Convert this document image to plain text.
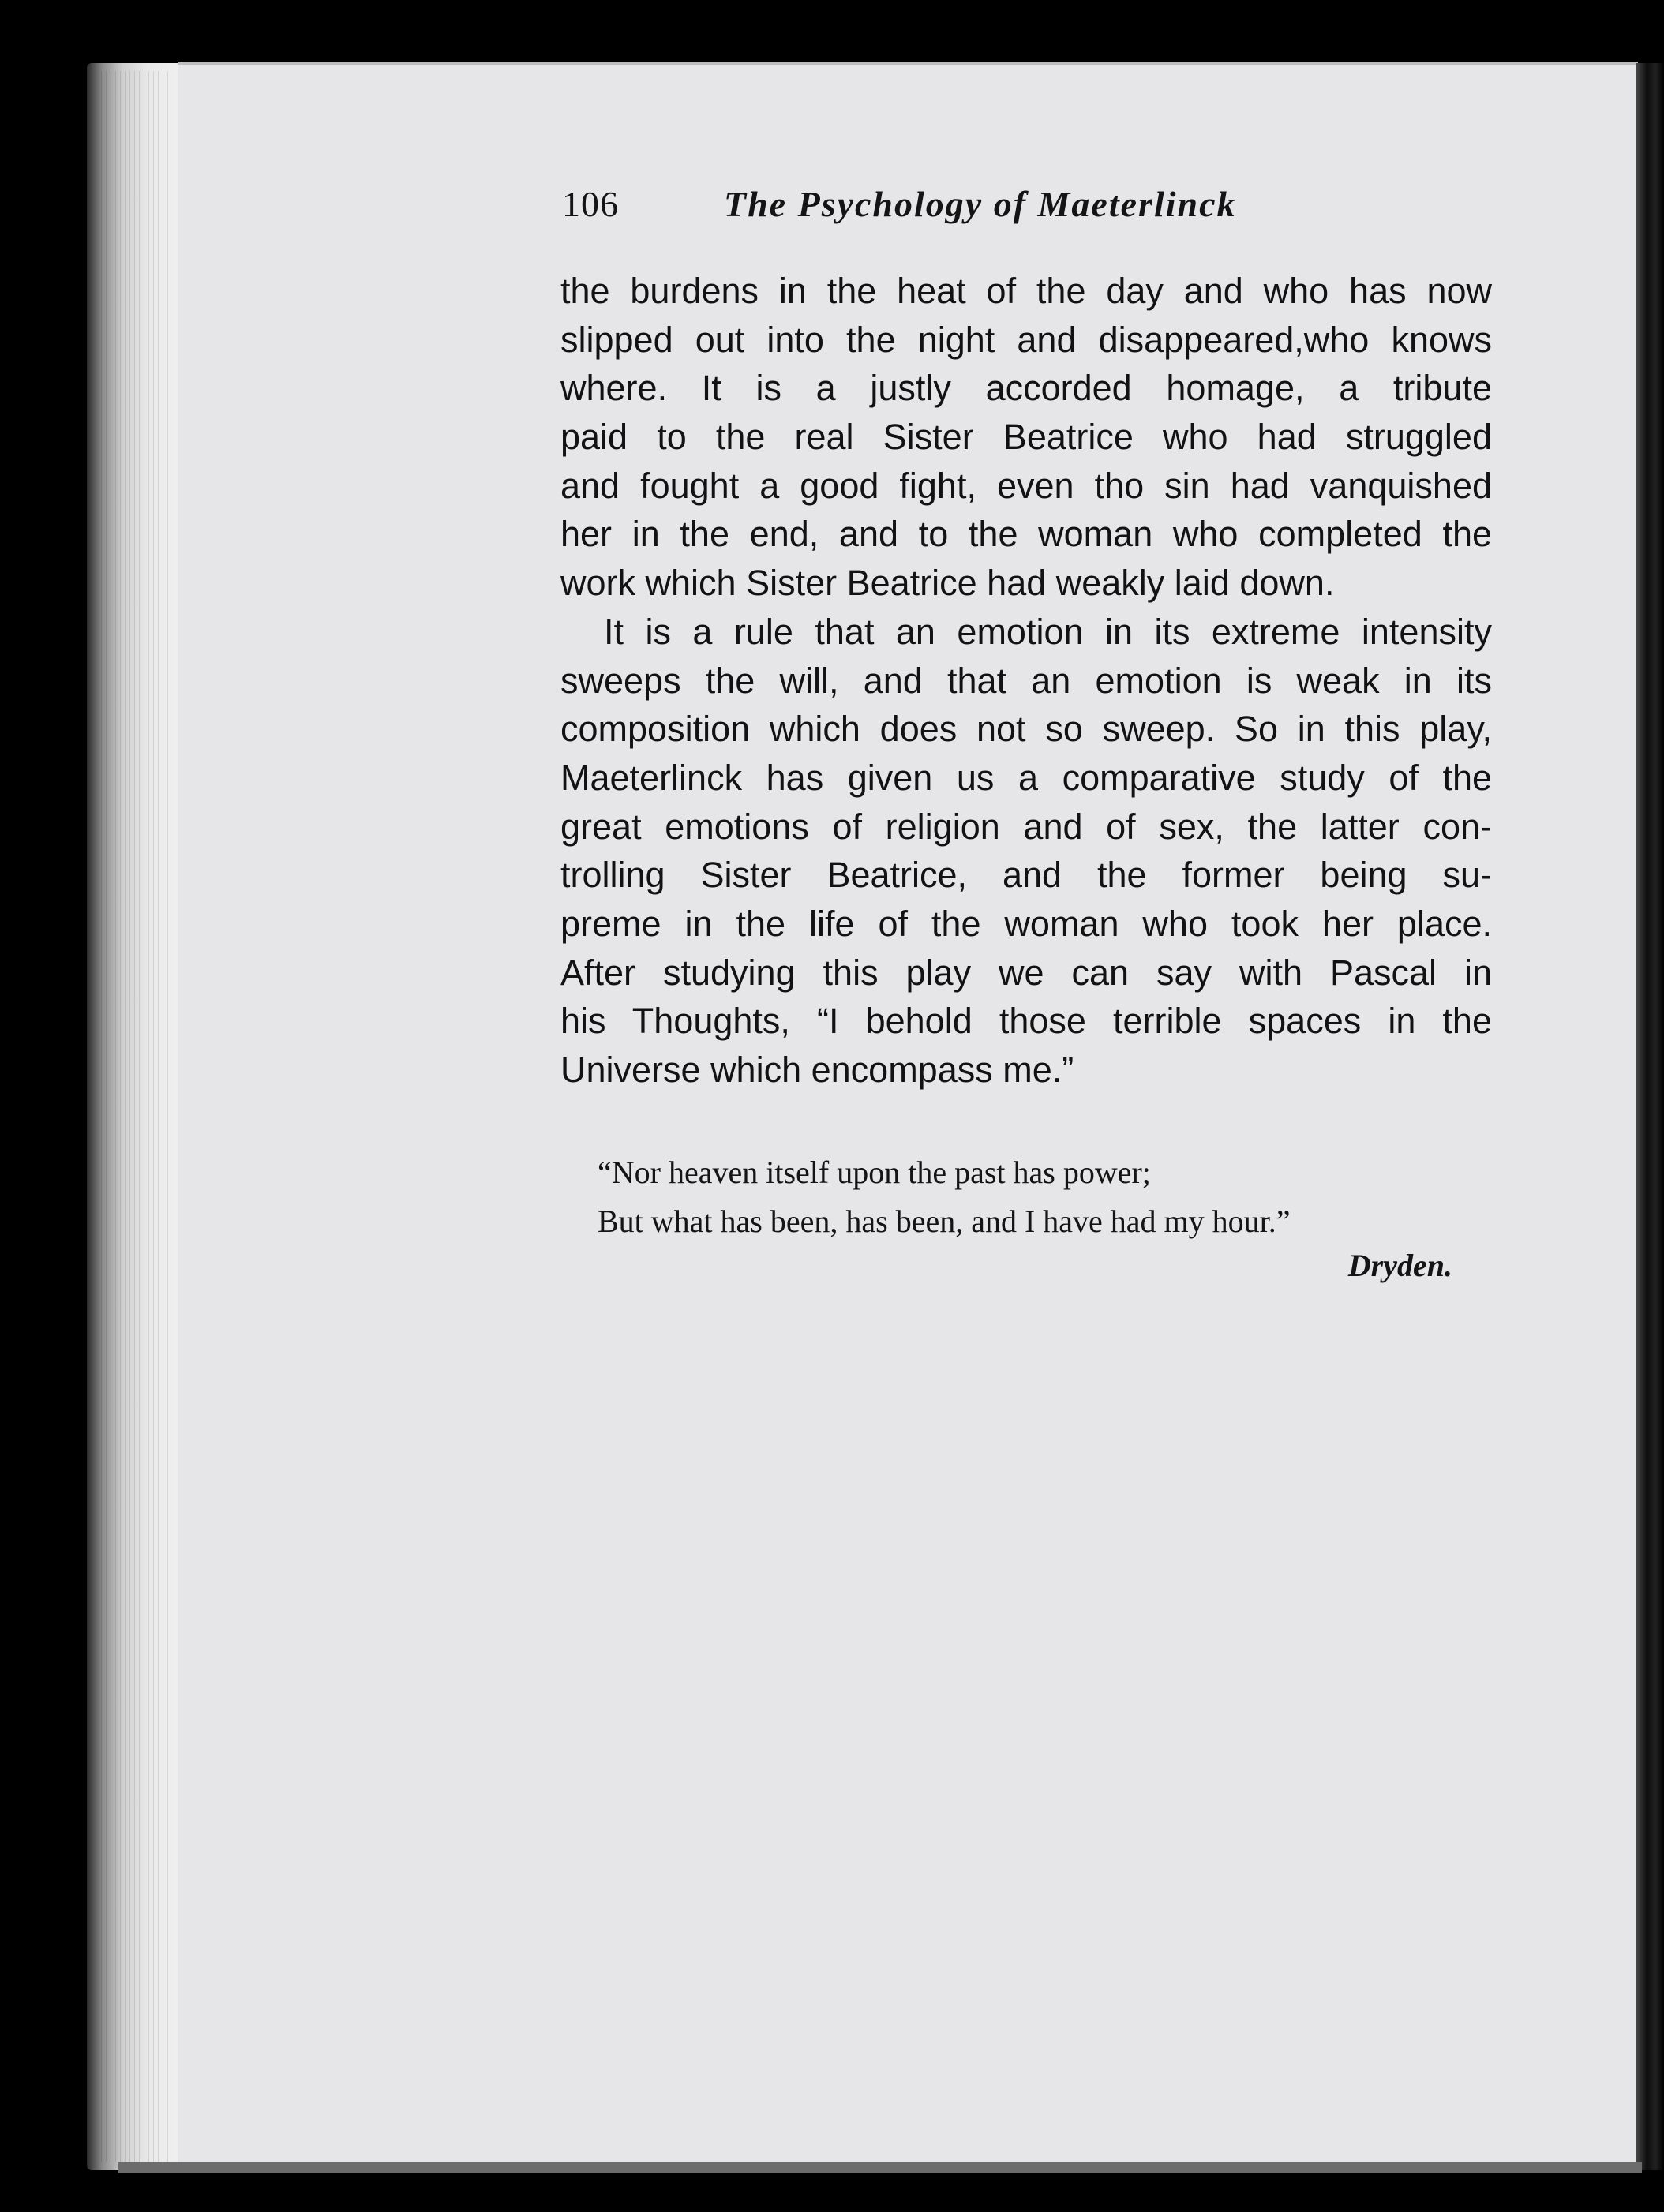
106	The Psychology of Maeterlinck
the burdens in the heat of the day and who has now
slipped out into the night and disappeared,who knows
where. It is a justly accorded homage, a tribute
paid to the real Sister Beatrice who had struggled
and fought a good fight, even tho sin had vanquished
her in the end, and to the woman who completed the
work which Sister Beatrice had weakly laid down.
It is a rule that an emotion in its extreme intensity
sweeps the will, and that an emotion is weak in its
composition which does not so sweep. So in this play,
Maeterlinck has given us a comparative study of the
great emotions of religion and of sex, the latter con-
trolling Sister Beatrice, and the former being su-
preme in the life of the woman who took her place.
After studying this play we can say with Pascal in
his Thoughts, “I behold those terrible spaces in the
Universe which encompass me.”
“Nor heaven itself upon the past has power;
But what has been, has been, and I have had my hour.”
Dryden.
